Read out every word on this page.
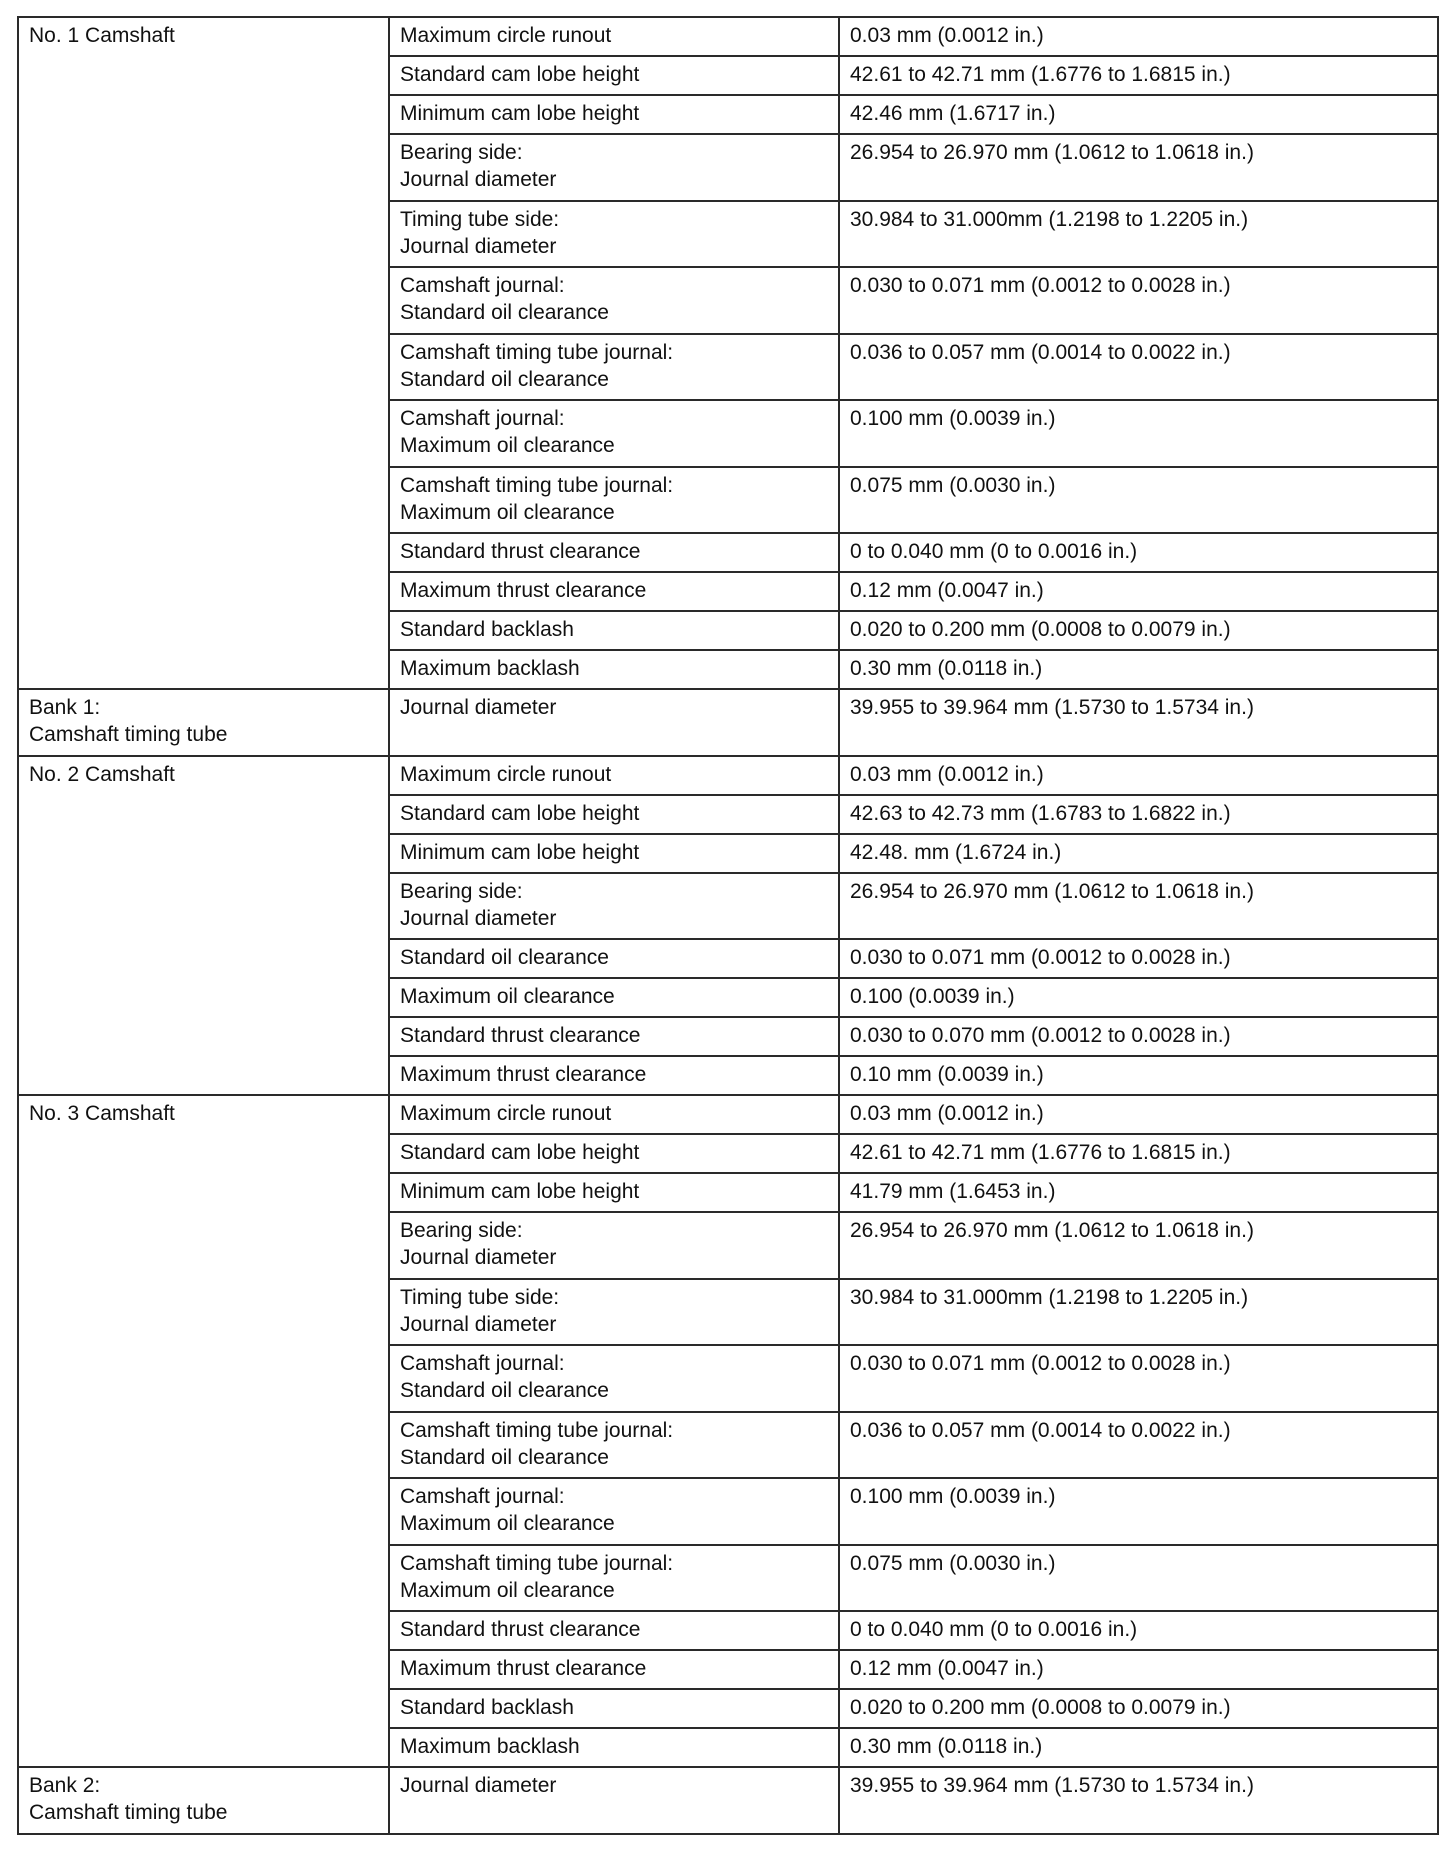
No. 1 Camshaft	Maximum circle runout	0.03 mm (0.0012 in.)

	Standard cam lobe height	42.61 to 42.71 mm (1.6776 to 1.6815 in.)

	Minimum cam lobe height	42.46 mm (1.6717 in.)

	Bearing side:
Journal diameter	26.954 to 26.970 mm (1.0612 to 1.0618 in.)

	Timing tube side:
Journal diameter	30.984 to 31.000mm (1.2198 to 1.2205 in.)

	Camshaft journal:
Standard oil clearance	0.030 to 0.071 mm (0.0012 to 0.0028 in.)

	Camshaft timing tube journal:
Standard oil clearance	0.036 to 0.057 mm (0.0014 to 0.0022 in.)

	Camshaft journal:
Maximum oil clearance	0.100 mm (0.0039 in.)

	Camshaft timing tube journal:
Maximum oil clearance	0.075 mm (0.0030 in.)

	Standard thrust clearance	0 to 0.040 mm (0 to 0.0016 in.)

	Maximum thrust clearance	0.12 mm (0.0047 in.)

	Standard backlash	0.020 to 0.200 mm (0.0008 to 0.0079 in.)

	Maximum backlash	0.30 mm (0.0118 in.)

Bank 1:
Camshaft timing tube	Journal diameter	39.955 to 39.964 mm (1.5730 to 1.5734 in.)

No. 2 Camshaft	Maximum circle runout	0.03 mm (0.0012 in.)

	Standard cam lobe height	42.63 to 42.73 mm (1.6783 to 1.6822 in.)

	Minimum cam lobe height	42.48. mm (1.6724 in.)

	Bearing side:
Journal diameter	26.954 to 26.970 mm (1.0612 to 1.0618 in.)

	Standard oil clearance	0.030 to 0.071 mm (0.0012 to 0.0028 in.)

	Maximum oil clearance	0.100 (0.0039 in.)

	Standard thrust clearance	0.030 to 0.070 mm (0.0012 to 0.0028 in.)

	Maximum thrust clearance	0.10 mm (0.0039 in.)

No. 3 Camshaft	Maximum circle runout	0.03 mm (0.0012 in.)

	Standard cam lobe height	42.61 to 42.71 mm (1.6776 to 1.6815 in.)

	Minimum cam lobe height	41.79 mm (1.6453 in.)

	Bearing side:
Journal diameter	26.954 to 26.970 mm (1.0612 to 1.0618 in.)

	Timing tube side:
Journal diameter	30.984 to 31.000mm (1.2198 to 1.2205 in.)

	Camshaft journal:
Standard oil clearance	0.030 to 0.071 mm (0.0012 to 0.0028 in.)

	Camshaft timing tube journal:
Standard oil clearance	0.036 to 0.057 mm (0.0014 to 0.0022 in.)

	Camshaft journal:
Maximum oil clearance	0.100 mm (0.0039 in.)

	Camshaft timing tube journal:
Maximum oil clearance	0.075 mm (0.0030 in.)

	Standard thrust clearance	0 to 0.040 mm (0 to 0.0016 in.)

	Maximum thrust clearance	0.12 mm (0.0047 in.)

	Standard backlash	0.020 to 0.200 mm (0.0008 to 0.0079 in.)

	Maximum backlash	0.30 mm (0.0118 in.)

Bank 2:
Camshaft timing tube	Journal diameter	39.955 to 39.964 mm (1.5730 to 1.5734 in.)
